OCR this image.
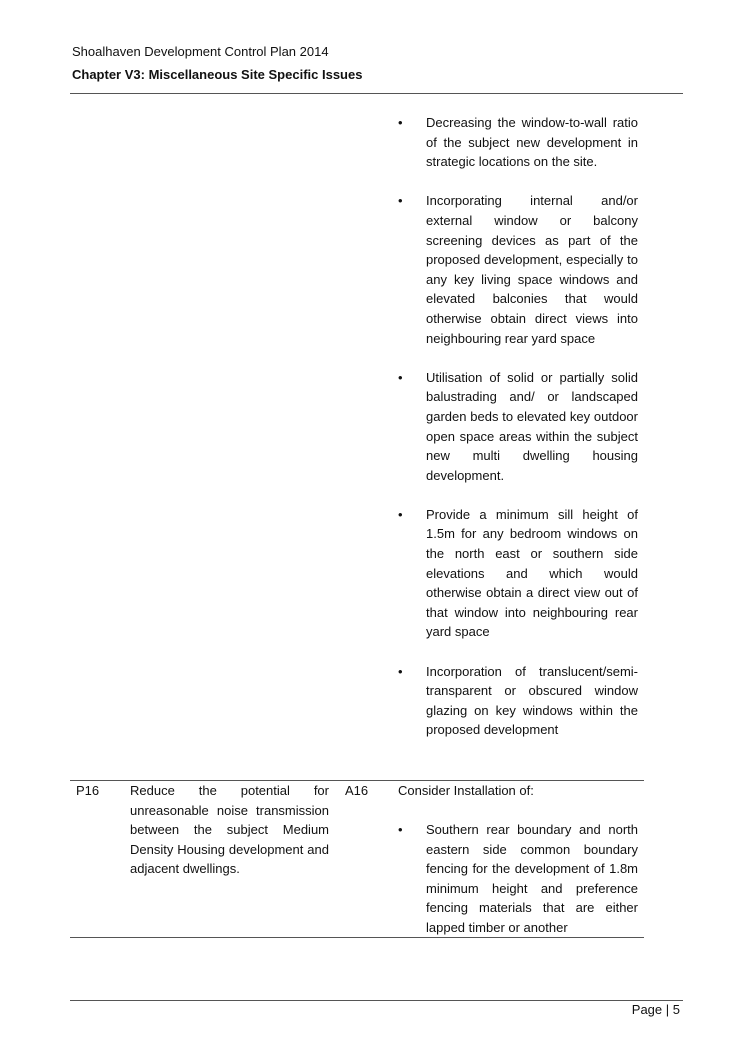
Shoalhaven Development Control Plan 2014
Chapter V3: Miscellaneous Site Specific Issues
• Decreasing the window-to-wall ratio of the subject new development in strategic locations on the site.
• Incorporating internal and/or external window or balcony screening devices as part of the proposed development, especially to any key living space windows and elevated balconies that would otherwise obtain direct views into neighbouring rear yard space
• Utilisation of solid or partially solid balustrading and/ or landscaped garden beds to elevated key outdoor open space areas within the subject new multi dwelling housing development.
• Provide a minimum sill height of 1.5m for any bedroom windows on the north east or southern side elevations and which would otherwise obtain a direct view out of that window into neighbouring rear yard space
• Incorporation of translucent/semi-transparent or obscured window glazing on key windows within the proposed development
P16 Reduce the potential for unreasonable noise transmission between the subject Medium Density Housing development and adjacent dwellings.
A16 Consider Installation of:
• Southern rear boundary and north eastern side common boundary fencing for the development of 1.8m minimum height and preference fencing materials that are either lapped timber or another
Page | 5
